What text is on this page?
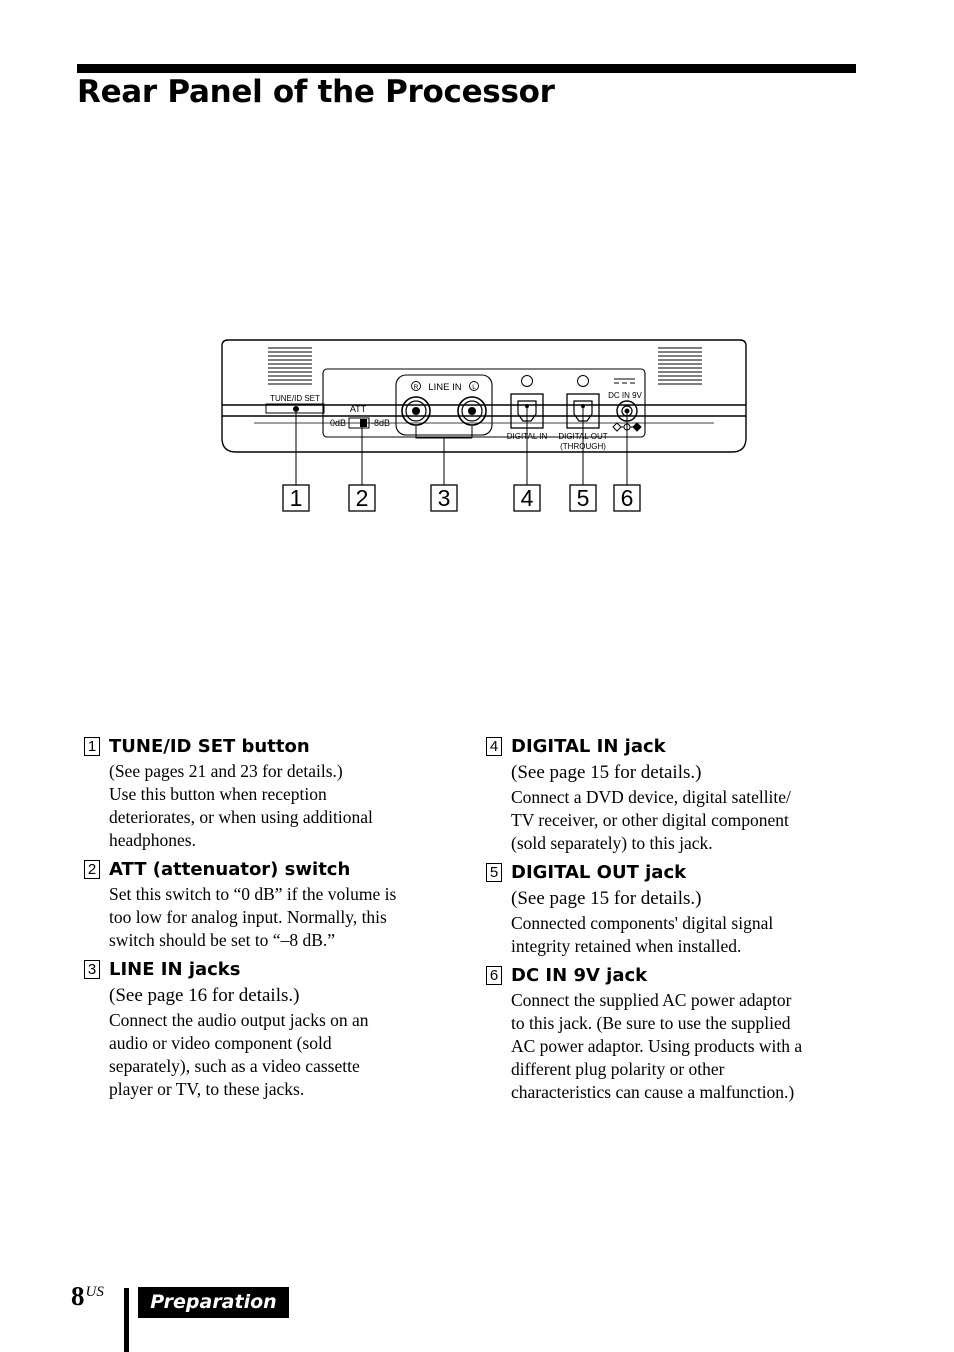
Rear Panel of the Processor
TUNE/ID SET
ATT
0dB	-8dB
R LINE IN L
DIGITAL IN DIGITAL OUT
(THROUGH)
DC IN 9V
1 2	3	4 5 6
1 TUNE/ID SET button
(See pages 21 and 23 for details.)
Use this button when reception
deteriorates, or when using additional
headphones.
2 ATT (attenuator) switch
Set this switch to “0 dB” if the volume is
too low for analog input. Normally, this
switch should be set to “–8 dB.”
3 LINE IN jacks
(See page 16 for details.)
Connect the audio output jacks on an
audio or video component (sold
separately), such as a video cassette
player or TV, to these jacks.
4 DIGITAL IN jack
(See page 15 for details.)
Connect a DVD device, digital satellite/
TV receiver, or other digital component
(sold separately) to this jack.
5 DIGITAL OUT jack
(See page 15 for details.)
Connected components' digital signal
integrity retained when installed.
6 DC IN 9V jack
Connect the supplied AC power adaptor
to this jack. (Be sure to use the supplied
AC power adaptor. Using products with a
different plug polarity or other
characteristics can cause a malfunction.)
$8^{US}$	Preparation
